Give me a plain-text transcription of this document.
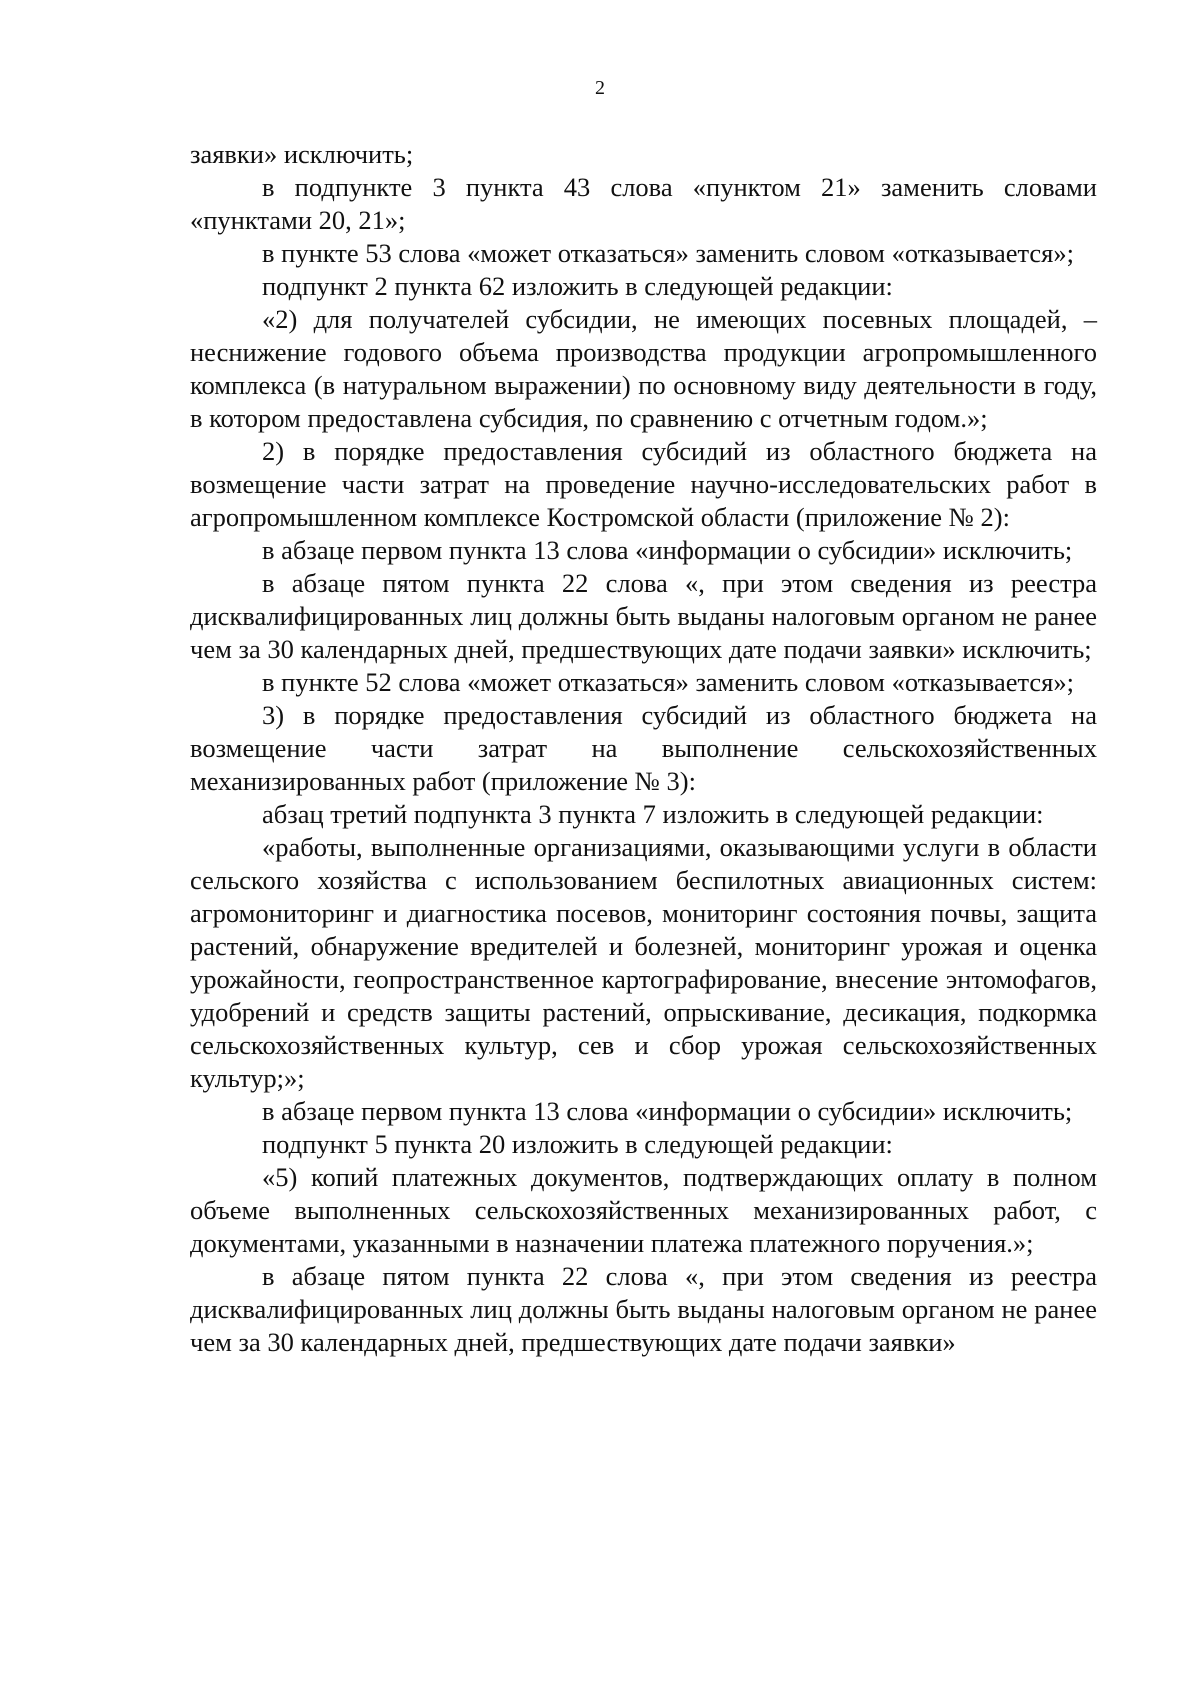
2

заявки» исключить;

в подпункте 3 пункта 43 слова «пунктом 21» заменить словами «пунктами 20, 21»;

в пункте 53 слова «может отказаться» заменить словом «отказывается»;

подпункт 2 пункта 62 изложить в следующей редакции:

«2) для получателей субсидии, не имеющих посевных площадей, – неснижение годового объема производства продукции агропромышленного комплекса (в натуральном выражении) по основному виду деятельности в году, в котором предоставлена субсидия, по сравнению с отчетным годом.»;

2) в порядке предоставления субсидий из областного бюджета на возмещение части затрат на проведение научно-исследовательских работ в агропромышленном комплексе Костромской области (приложение № 2):

в абзаце первом пункта 13 слова «информации о субсидии» исключить;

в абзаце пятом пункта 22 слова «, при этом сведения из реестра дисквалифицированных лиц должны быть выданы налоговым органом не ранее чем за 30 календарных дней, предшествующих дате подачи заявки» исключить;

в пункте 52 слова «может отказаться» заменить словом «отказывается»;

3) в порядке предоставления субсидий из областного бюджета на возмещение части затрат на выполнение сельскохозяйственных механизированных работ (приложение № 3):

абзац третий подпункта 3 пункта 7 изложить в следующей редакции:

«работы, выполненные организациями, оказывающими услуги в области сельского хозяйства с использованием беспилотных авиационных систем: агромониторинг и диагностика посевов, мониторинг состояния почвы, защита растений, обнаружение вредителей и болезней, мониторинг урожая и оценка урожайности, геопространственное картографирование, внесение энтомофагов, удобрений и средств защиты растений, опрыскивание, десикация, подкормка сельскохозяйственных культур, сев и сбор урожая сельскохозяйственных культур;»;

в абзаце первом пункта 13 слова «информации о субсидии» исключить;

подпункт 5 пункта 20 изложить в следующей редакции:

«5) копий платежных документов, подтверждающих оплату в полном объеме выполненных сельскохозяйственных механизированных работ, с документами, указанными в назначении платежа платежного поручения.»;

в абзаце пятом пункта 22 слова «, при этом сведения из реестра дисквалифицированных лиц должны быть выданы налоговым органом не ранее чем за 30 календарных дней, предшествующих дате подачи заявки»
